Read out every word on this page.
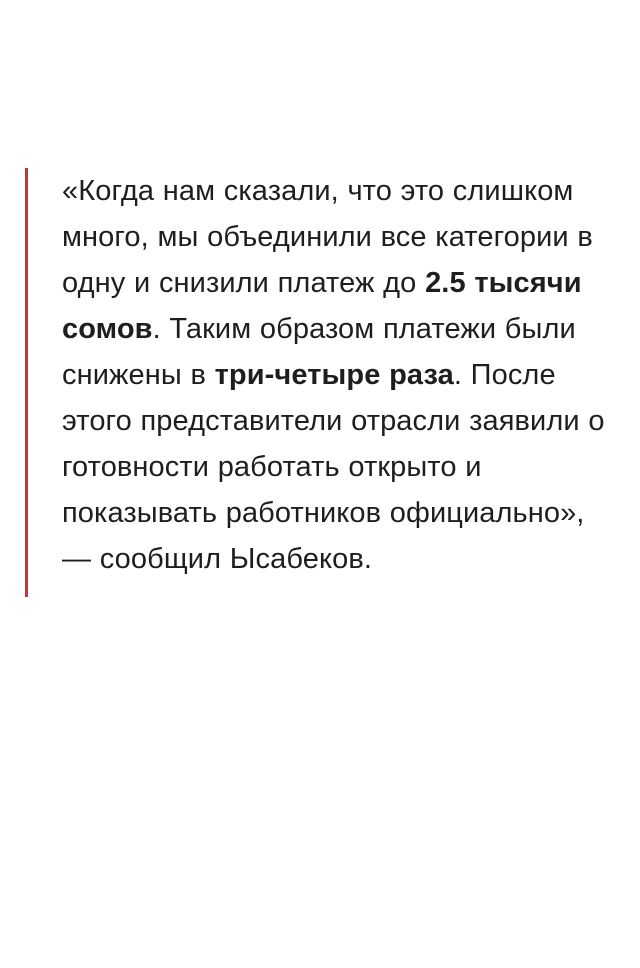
«Когда нам сказали, что это слишком много, мы объединили все категории в одну и снизили платеж до 2.5 тысячи сомов. Таким образом платежи были снижены в три-четыре раза. После этого представители отрасли заявили о готовности работать открыто и показывать работников официально», — сообщил Ысабеков.
